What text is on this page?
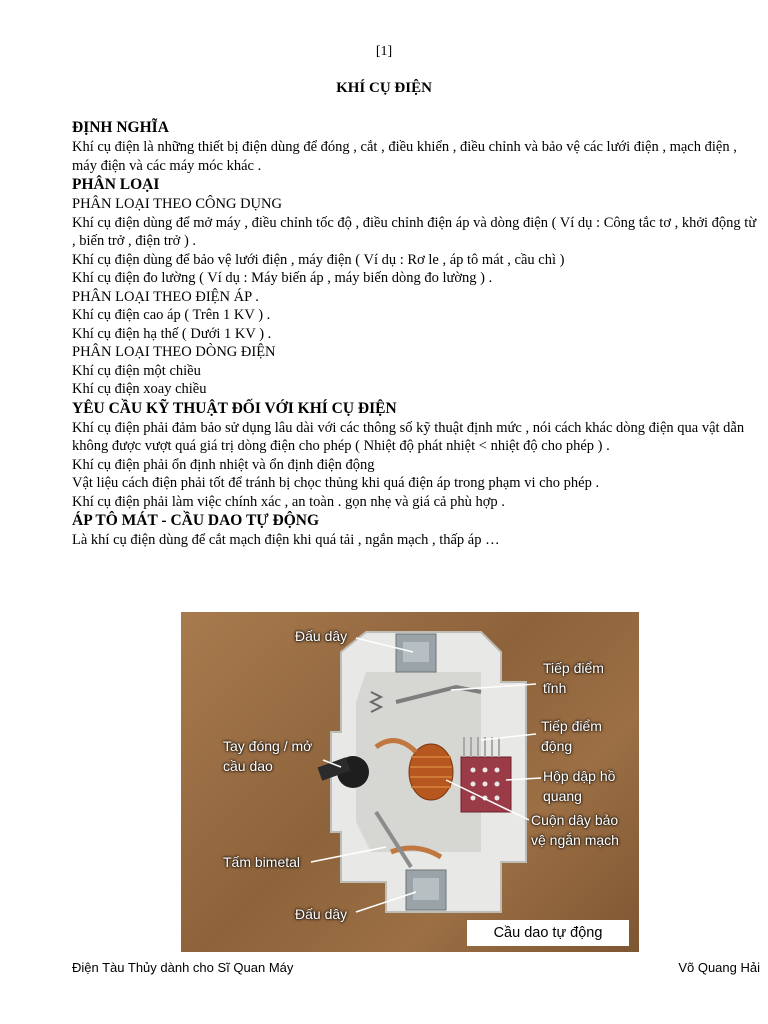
[1]
KHÍ CỤ ĐIỆN

ĐỊNH NGHĨA

Khí cụ điện là những thiết bị điện dùng để đóng , cắt , điều khiển , điều chỉnh và bảo vệ các lưới điện , mạch điện , máy điện và các máy móc khác .

PHÂN LOẠI

PHÂN LOẠI THEO CÔNG DỤNG

Khí cụ điện dùng để mở máy , điều chỉnh tốc độ , điều chỉnh điện áp và dòng điện ( Ví dụ : Công tắc tơ , khởi động từ , biến trở , điện trở ) .

Khí cụ điện dùng để bảo vệ lưới điện , máy điện ( Ví dụ : Rơ le , áp tô mát , cầu chì )

Khí cụ điện đo lường ( Ví dụ : Máy biến áp , máy biến dòng đo lường ) .

PHÂN LOẠI THEO ĐIỆN ÁP .

Khí cụ điện cao áp ( Trên 1 KV ) .

Khí cụ điện hạ thế ( Dưới 1 KV ) .

PHÂN LOẠI THEO DÒNG ĐIỆN

Khí cụ điện một chiều

Khí cụ điện xoay chiều

YÊU CẦU KỸ THUẬT ĐỐI VỚI KHÍ CỤ ĐIỆN

Khí cụ điện phải đảm bảo sử dụng lâu dài với các thông số kỹ thuật định mức , nói cách khác dòng điện qua vật dẫn không được vượt quá giá trị dòng điện cho phép ( Nhiệt độ phát nhiệt < nhiệt độ cho phép ) .

Khí cụ điện phải ổn định nhiệt và ổn định điện động

Vật liệu cách điện phải tốt để tránh bị chọc thủng khi quá điện áp trong phạm vi cho phép .

Khí cụ điện phải làm việc chính xác , an toàn . gọn nhẹ và giá cả phù hợp .

ÁP TÔ MÁT - CẦU DAO TỰ ĐỘNG

Là khí cụ điện dùng để cắt mạch điện khi quá tải , ngắn mạch , thấp áp …

Đấu dây
Tiếp điểm
tĩnh
Tiếp điểm
động
Tay đóng / mở
cầu dao
Hộp dập hồ
quang
Cuộn dây bảo
vệ ngắn mạch
Tấm bimetal
Đấu dây
Cầu dao tự động
Điện Tàu Thủy dành cho Sĩ Quan Máy	Võ Quang Hải
